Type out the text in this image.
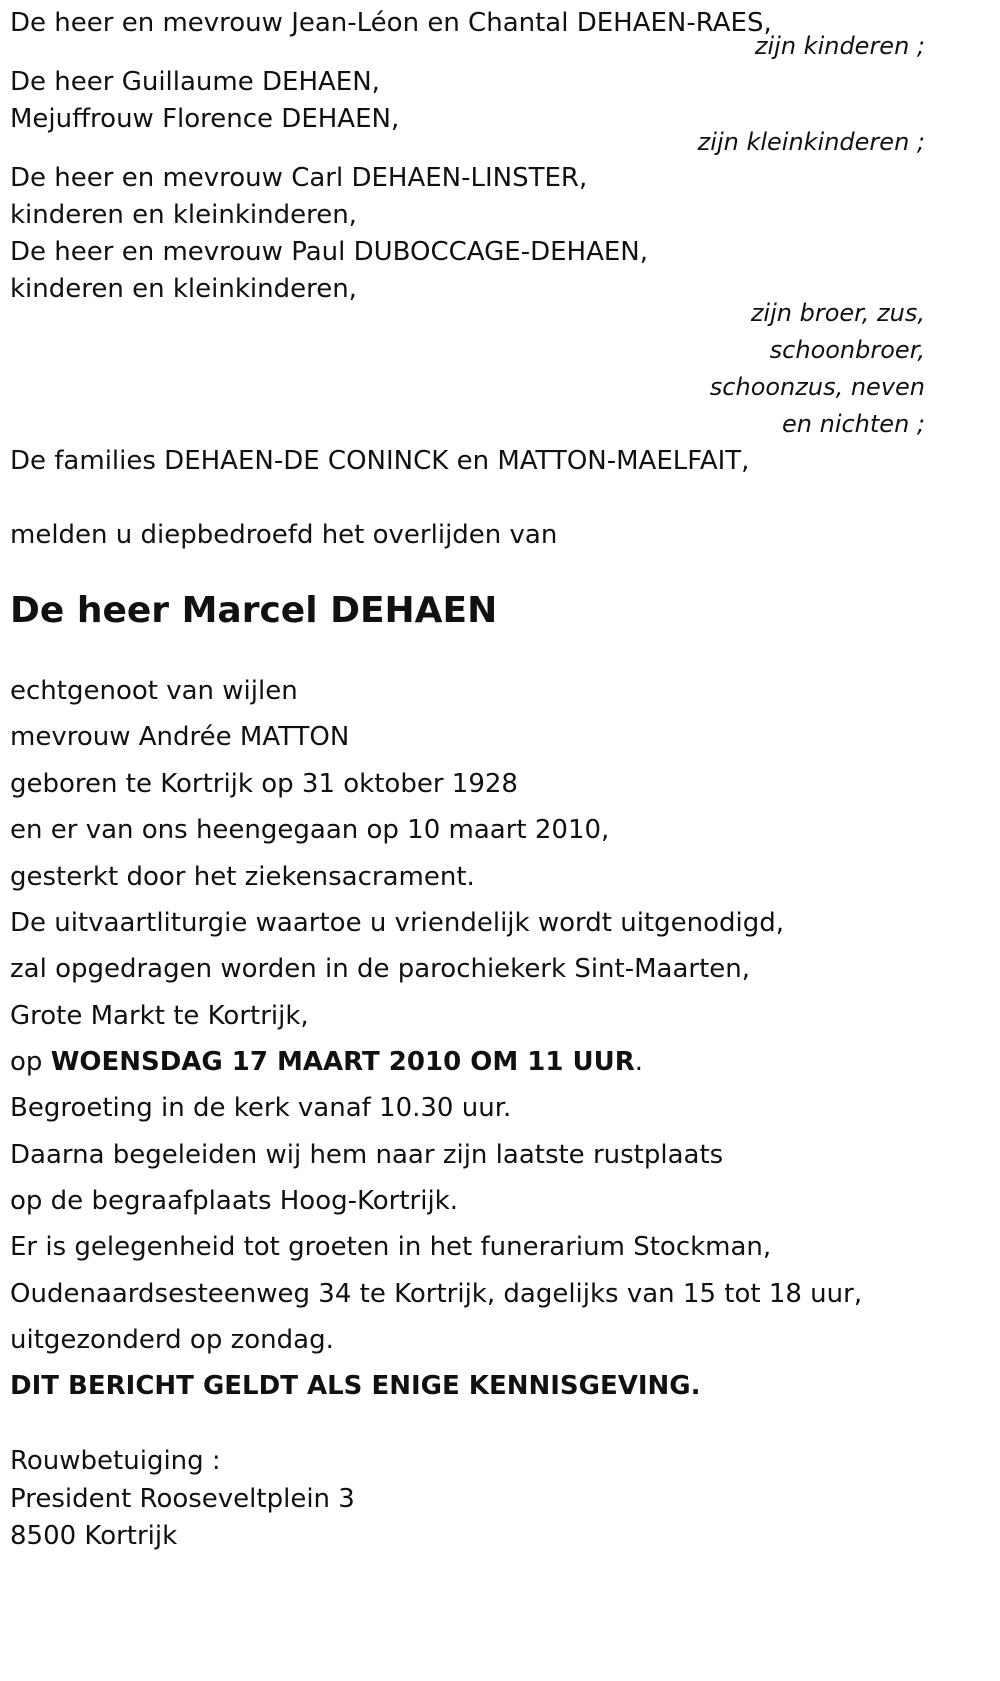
De heer en mevrouw Jean-Léon en Chantal DEHAEN-RAES,
zijn kinderen ;
De heer Guillaume DEHAEN,
Mejuffrouw Florence DEHAEN,
zijn kleinkinderen ;
De heer en mevrouw Carl DEHAEN-LINSTER,
kinderen en kleinkinderen,
De heer en mevrouw Paul DUBOCCAGE-DEHAEN,
kinderen en kleinkinderen,
zijn broer, zus,
schoonbroer,
schoonzus, neven
en nichten ;
De families DEHAEN-DE CONINCK en MATTON-MAELFAIT,
melden u diepbedroefd het overlijden van
De heer Marcel DEHAEN
echtgenoot van wijlen
mevrouw Andrée MATTON
geboren te Kortrijk op 31 oktober 1928
en er van ons heengegaan op 10 maart 2010,
gesterkt door het ziekensacrament.
De uitvaartliturgie waartoe u vriendelijk wordt uitgenodigd,
zal opgedragen worden in de parochiekerk Sint-Maarten,
Grote Markt te Kortrijk,
op WOENSDAG 17 MAART 2010 OM 11 UUR.
Begroeting in de kerk vanaf 10.30 uur.
Daarna begeleiden wij hem naar zijn laatste rustplaats
op de begraafplaats Hoog-Kortrijk.
Er is gelegenheid tot groeten in het funerarium Stockman,
Oudenaardsesteenweg 34 te Kortrijk, dagelijks van 15 tot 18 uur,
uitgezonderd op zondag.
DIT BERICHT GELDT ALS ENIGE KENNISGEVING.
Rouwbetuiging :
President Rooseveltplein 3
8500 Kortrijk
